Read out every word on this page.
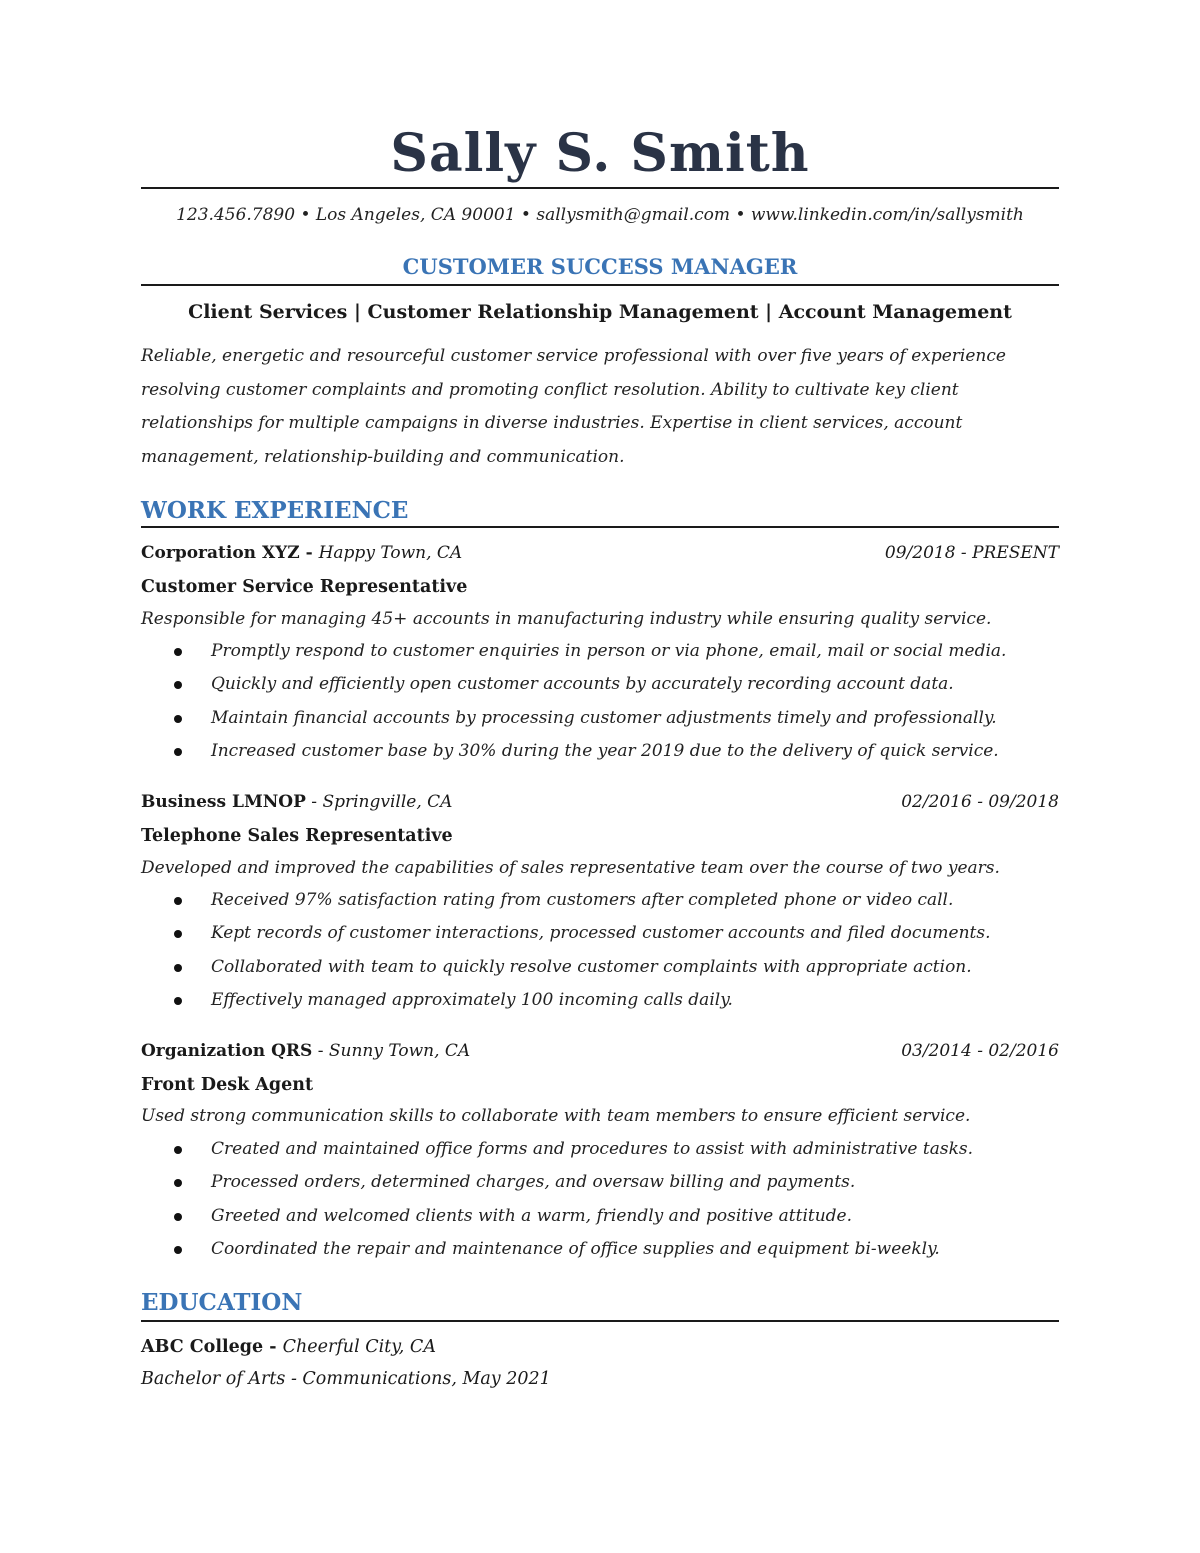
Sally S. Smith
123.456.7890 • Los Angeles, CA 90001 • sallysmith@gmail.com • www.linkedin.com/in/sallysmith
CUSTOMER SUCCESS MANAGER
Client Services | Customer Relationship Management | Account Management
Reliable, energetic and resourceful customer service professional with over five years of experience resolving customer complaints and promoting conflict resolution. Ability to cultivate key client relationships for multiple campaigns in diverse industries. Expertise in client services, account management, relationship-building and communication.
WORK EXPERIENCE
Corporation XYZ - Happy Town, CA	09/2018 - PRESENT
Customer Service Representative
Responsible for managing 45+ accounts in manufacturing industry while ensuring quality service.
Promptly respond to customer enquiries in person or via phone, email, mail or social media.
Quickly and efficiently open customer accounts by accurately recording account data.
Maintain financial accounts by processing customer adjustments timely and professionally.
Increased customer base by 30% during the year 2019 due to the delivery of quick service.
Business LMNOP - Springville, CA	02/2016 - 09/2018
Telephone Sales Representative
Developed and improved the capabilities of sales representative team over the course of two years.
Received 97% satisfaction rating from customers after completed phone or video call.
Kept records of customer interactions, processed customer accounts and filed documents.
Collaborated with team to quickly resolve customer complaints with appropriate action.
Effectively managed approximately 100 incoming calls daily.
Organization QRS - Sunny Town, CA	03/2014 - 02/2016
Front Desk Agent
Used strong communication skills to collaborate with team members to ensure efficient service.
Created and maintained office forms and procedures to assist with administrative tasks.
Processed orders, determined charges, and oversaw billing and payments.
Greeted and welcomed clients with a warm, friendly and positive attitude.
Coordinated the repair and maintenance of office supplies and equipment bi-weekly.
EDUCATION
ABC College - Cheerful City, CA
Bachelor of Arts - Communications, May 2021
